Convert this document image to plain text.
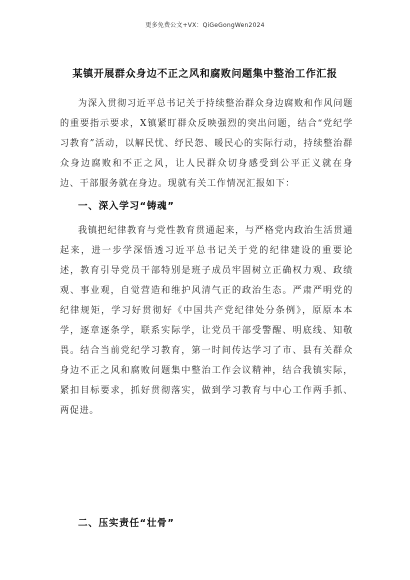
更多免费公文+VX：QiGeGongWen2024
某镇开展群众身边不正之风和腐败问题集中整治工作汇报

为深入贯彻习近平总书记关于持续整治群众身边腐败和作风问题的重要指示要求，X镇紧盯群众反映强烈的突出问题，结合“党纪学习教育”活动，以解民忧、纾民怨、暖民心的实际行动，持续整治群众身边腐败和不正之风，让人民群众切身感受到公平正义就在身边、干部服务就在身边。现就有关工作情况汇报如下：

一、深入学习“铸魂”

我镇把纪律教育与党性教育贯通起来，与严格党内政治生活贯通起来，进一步学深悟透习近平总书记关于党的纪律建设的重要论述，教育引导党员干部特别是班子成员牢固树立正确权力观、政绩观、事业观，自觉营造和维护风清气正的政治生态。严肃严明党的纪律规矩，学习好贯彻好《中国共产党纪律处分条例》，原原本本学，逐章逐条学，联系实际学，让党员干部受警醒、明底线、知敬畏。结合当前党纪学习教育，第一时间传达学习了市、县有关群众身边不正之风和腐败问题集中整治工作会议精神，结合我镇实际，紧扣目标要求，抓好贯彻落实，做到学习教育与中心工作两手抓、两促进。

二、压实责任“壮骨”
